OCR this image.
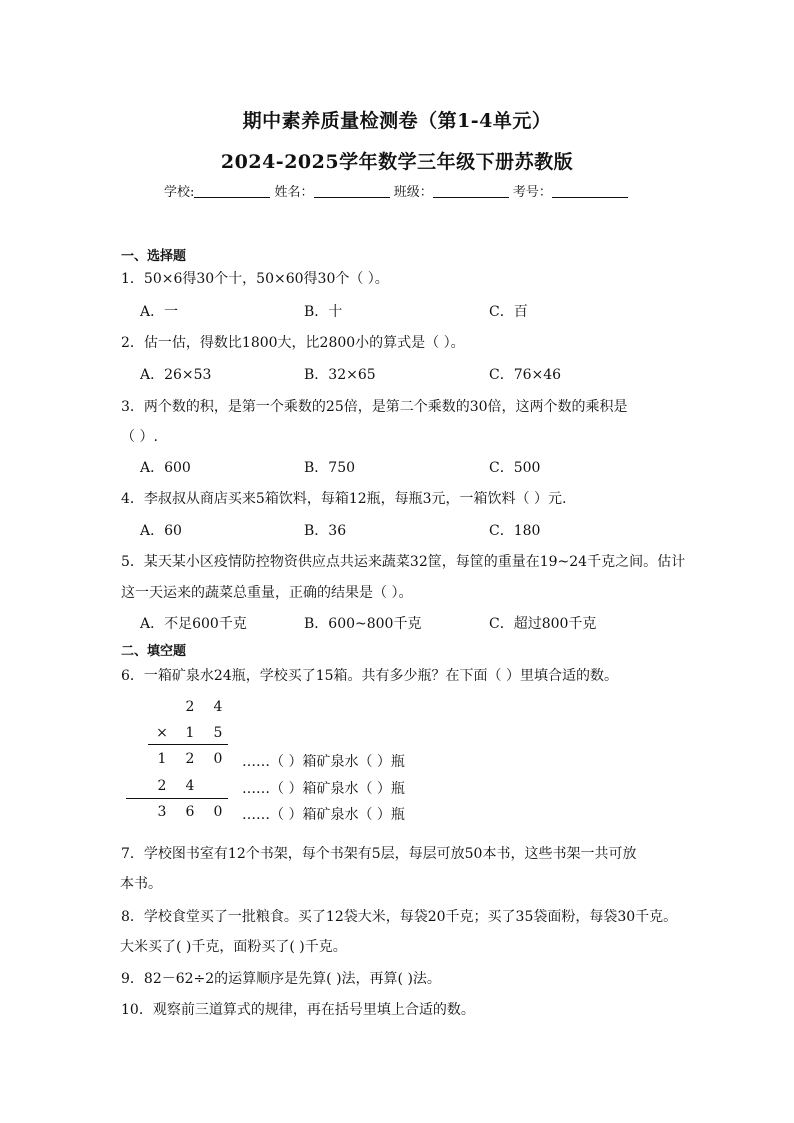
期中素养质量检测卷（第1-4单元）
2024-2025学年数学三年级下册苏教版
学校:	姓名：	班级：	考号：
一、选择题
1．50×6得30个十，50×60得30个（ ）。
A．一	B．十	C．百
2．估一估，得数比1800大，比2800小的算式是（ ）。
A．26×53	B．32×65	C．76×46
3．两个数的积，是第一个乘数的25倍，是第二个乘数的30倍，这两个数的乘积是
（ ）.
A．600	B．750	C．500
4．李叔叔从商店买来5箱饮料，每箱12瓶，每瓶3元，一箱饮料（ ）元.
A．60	B．36	C．180
5．某天某小区疫情防控物资供应点共运来蔬菜32筐，每筐的重量在19~24千克之间。估计
这一天运来的蔬菜总重量，正确的结果是（ ）。
A．不足600千克	B．600~800千克	C．超过800千克
二、填空题
6．一箱矿泉水24瓶，学校买了15箱。共有多少瓶？在下面（ ）里填合适的数。
2 4
× 1 5
1 2 0
2 4
3 6 0
……（ ）箱矿泉水（ ）瓶
……（ ）箱矿泉水（ ）瓶
……（ ）箱矿泉水（ ）瓶
7．学校图书室有12个书架，每个书架有5层，每层可放50本书，这些书架一共可放
本书。
8．学校食堂买了一批粮食。买了12袋大米，每袋20千克；买了35袋面粉，每袋30千克。
大米买了( )千克，面粉买了( )千克。
9．82－62÷2的运算顺序是先算( )法，再算( )法。
10．观察前三道算式的规律，再在括号里填上合适的数。
